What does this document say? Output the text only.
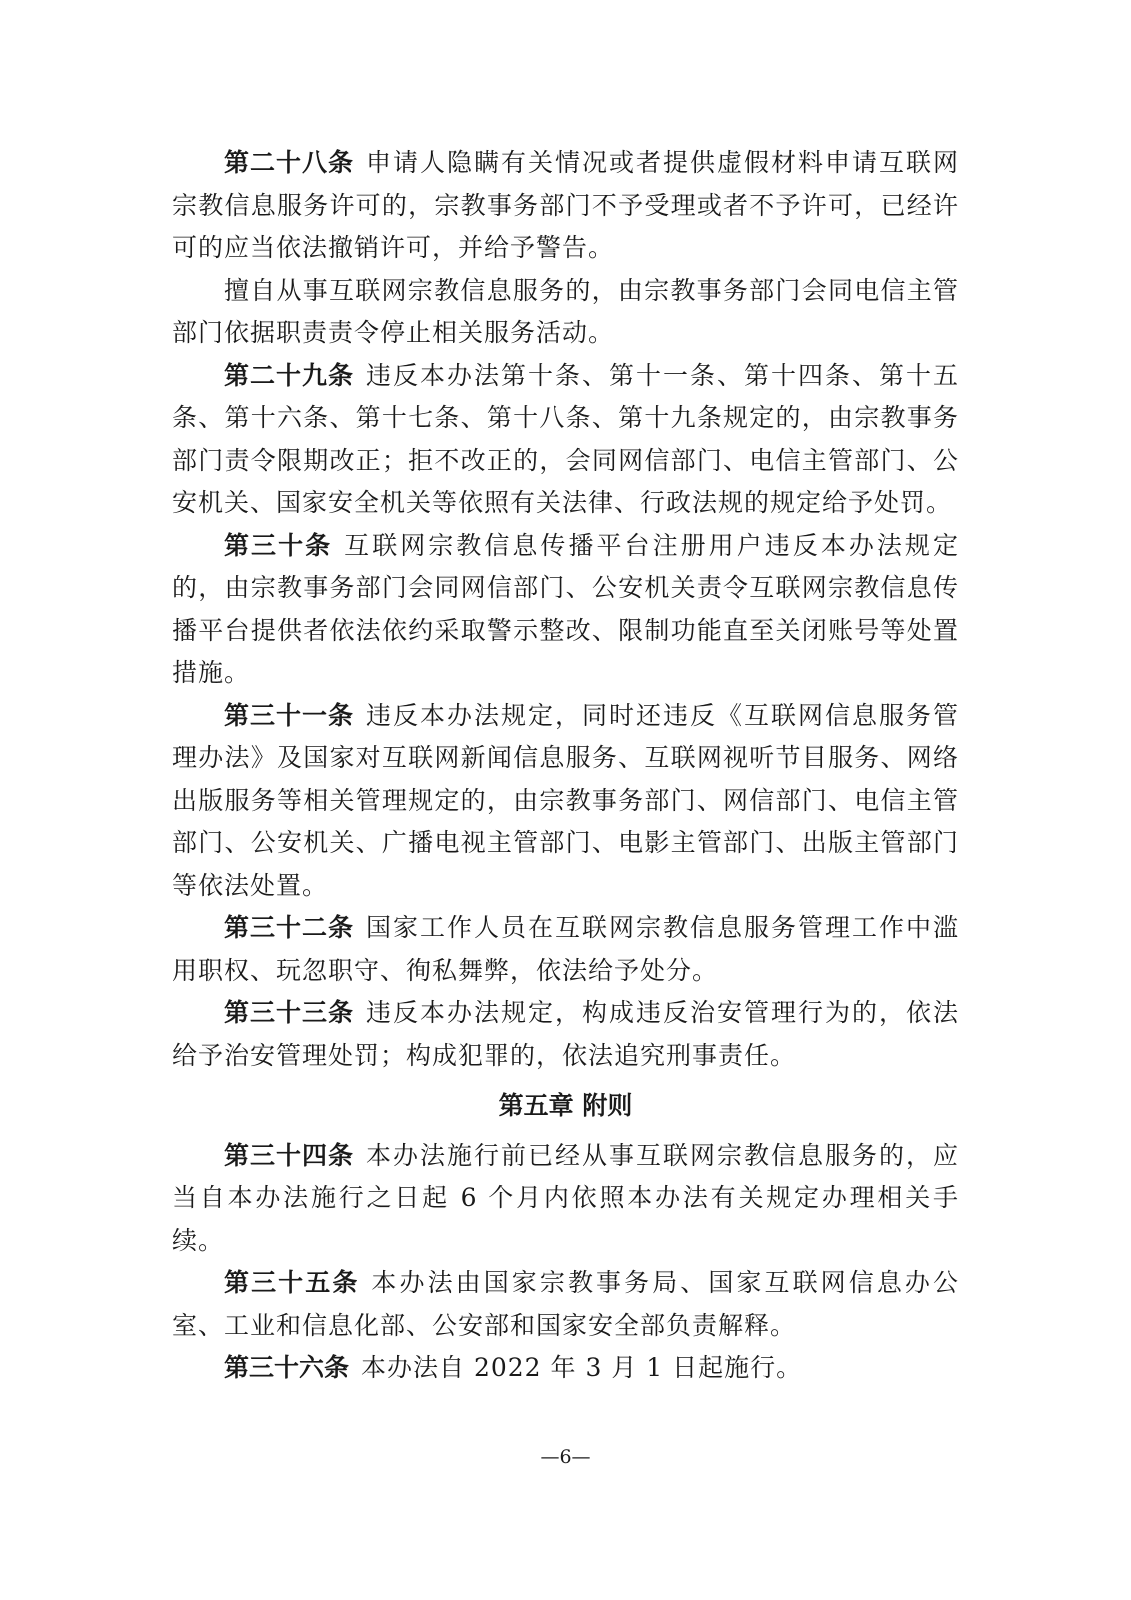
第二十八条 申请人隐瞒有关情况或者提供虚假材料申请互联网宗教信息服务许可的，宗教事务部门不予受理或者不予许可，已经许可的应当依法撤销许可，并给予警告。

擅自从事互联网宗教信息服务的，由宗教事务部门会同电信主管部门依据职责责令停止相关服务活动。

第二十九条 违反本办法第十条、第十一条、第十四条、第十五条、第十六条、第十七条、第十八条、第十九条规定的，由宗教事务部门责令限期改正；拒不改正的，会同网信部门、电信主管部门、公安机关、国家安全机关等依照有关法律、行政法规的规定给予处罚。

第三十条 互联网宗教信息传播平台注册用户违反本办法规定的，由宗教事务部门会同网信部门、公安机关责令互联网宗教信息传播平台提供者依法依约采取警示整改、限制功能直至关闭账号等处置措施。

第三十一条 违反本办法规定，同时还违反《互联网信息服务管理办法》及国家对互联网新闻信息服务、互联网视听节目服务、网络出版服务等相关管理规定的，由宗教事务部门、网信部门、电信主管部门、公安机关、广播电视主管部门、电影主管部门、出版主管部门等依法处置。

第三十二条 国家工作人员在互联网宗教信息服务管理工作中滥用职权、玩忽职守、徇私舞弊，依法给予处分。

第三十三条 违反本办法规定，构成违反治安管理行为的，依法给予治安管理处罚；构成犯罪的，依法追究刑事责任。

第五章 附则

第三十四条 本办法施行前已经从事互联网宗教信息服务的，应当自本办法施行之日起 6 个月内依照本办法有关规定办理相关手续。

第三十五条 本办法由国家宗教事务局、国家互联网信息办公室、工业和信息化部、公安部和国家安全部负责解释。

第三十六条 本办法自 2022 年 3 月 1 日起施行。

—6—
